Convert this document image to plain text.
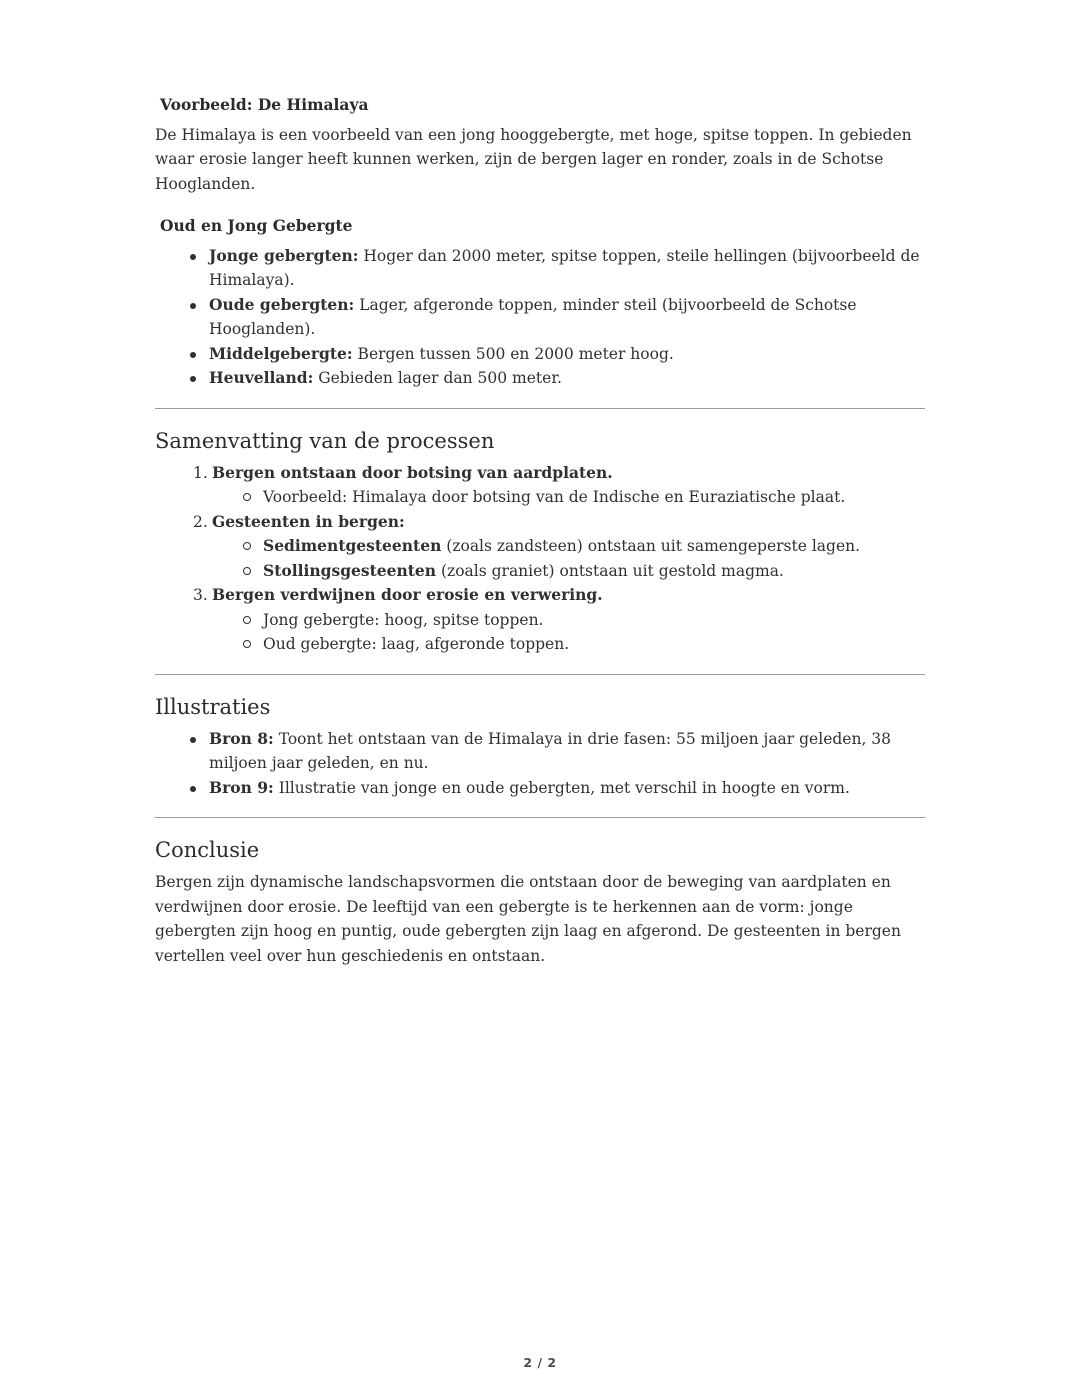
Voorbeeld: De Himalaya

De Himalaya is een voorbeeld van een jong hooggebergte, met hoge, spitse toppen. In gebieden waar erosie langer heeft kunnen werken, zijn de bergen lager en ronder, zoals in de Schotse Hooglanden.

Oud en Jong Gebergte
Jonge gebergten: Hoger dan 2000 meter, spitse toppen, steile hellingen (bijvoorbeeld de Himalaya).
Oude gebergten: Lager, afgeronde toppen, minder steil (bijvoorbeeld de Schotse Hooglanden).
Middelgebergte: Bergen tussen 500 en 2000 meter hoog.
Heuvelland: Gebieden lager dan 500 meter.
Samenvatting van de processen
1. Bergen ontstaan door botsing van aardplaten.
Voorbeeld: Himalaya door botsing van de Indische en Euraziatische plaat.
2. Gesteenten in bergen:
Sedimentgesteenten (zoals zandsteen) ontstaan uit samengeperste lagen.
Stollingsgesteenten (zoals graniet) ontstaan uit gestold magma.
3. Bergen verdwijnen door erosie en verwering.
Jong gebergte: hoog, spitse toppen.
Oud gebergte: laag, afgeronde toppen.
Illustraties
Bron 8: Toont het ontstaan van de Himalaya in drie fasen: 55 miljoen jaar geleden, 38 miljoen jaar geleden, en nu.
Bron 9: Illustratie van jonge en oude gebergten, met verschil in hoogte en vorm.
Conclusie

Bergen zijn dynamische landschapsvormen die ontstaan door de beweging van aardplaten en verdwijnen door erosie. De leeftijd van een gebergte is te herkennen aan de vorm: jonge gebergten zijn hoog en puntig, oude gebergten zijn laag en afgerond. De gesteenten in bergen vertellen veel over hun geschiedenis en ontstaan.

2 / 2
